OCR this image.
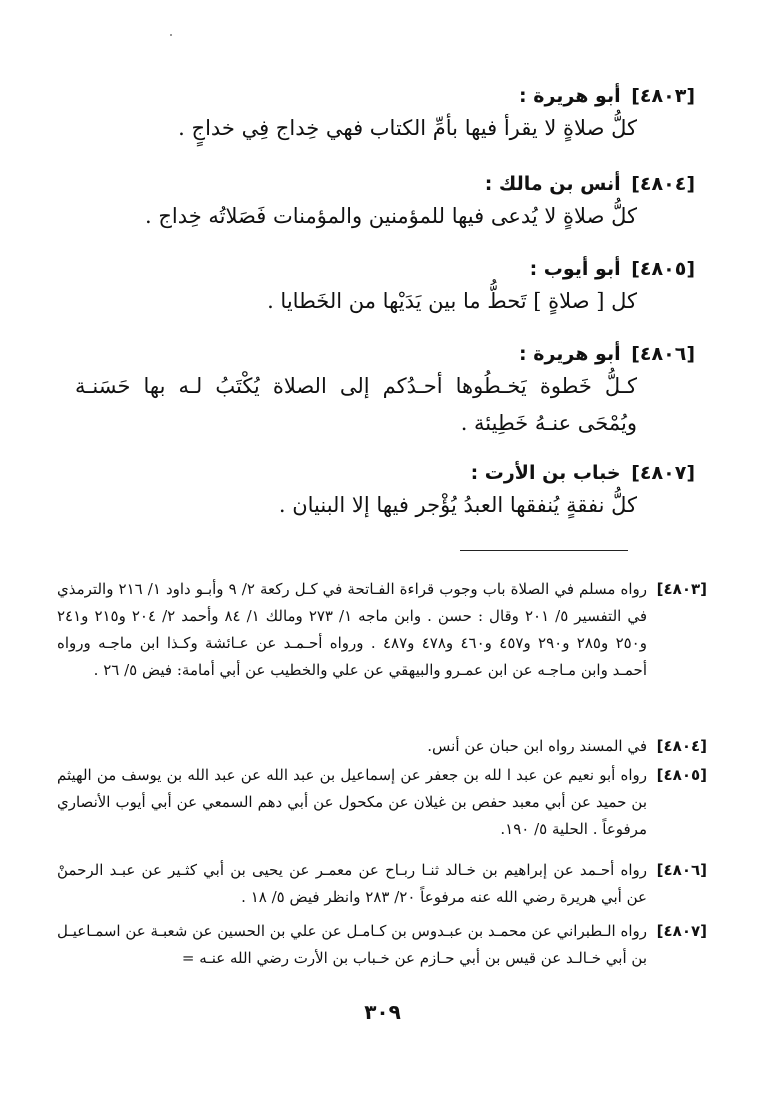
[٤٨٠٣] أبو هريرة :
كلُّ صلاةٍ لا يقرأ فيها بأمِّ الكتاب فهي خِداج فِي خداجٍ .
[٤٨٠٤] أنس بن مالك :
كلُّ صلاةٍ لا يُدعى فيها للمؤمنين والمؤمنات فَصَلاتُه خِداج .
[٤٨٠٥] أبو أيوب :
كل [ صلاةٍ ] تَحطُّ ما بين يَدَيْها من الخَطايا .
[٤٨٠٦] أبو هريرة :
كـلُّ خَطوة يَخـطُوها أحـدُكم إلى الصلاة يُكْتَبُ لـه بها حَسَنـة ويُمْحَى عنـهُ خَطِيئة .
[٤٨٠٧] خباب بن الأرت :
كلُّ نفقةٍ يُنفقها العبدُ يُؤْجر فيها إلا البنيان .
[٤٨٠٣]
رواه مسلم في الصلاة باب وجوب قراءة الفـاتحة في كـل ركعة ٢/ ٩ وأبـو داود ١/ ٢١٦ والترمذي في التفسير ٥/ ٢٠١ وقال : حسن . وابن ماجه ١/ ٢٧٣ ومالك ١/ ٨٤ وأحمد ٢/ ٢٠٤ و٢١٥ و٢٤١ و٢٥٠ و٢٨٥ و٢٩٠ و٤٥٧ و٤٦٠ و٤٧٨ و٤٨٧ . ورواه أحـمـد عن عـائشة وكـذا ابن ماجـه ورواه أحمـد وابن مـاجـه عن ابن عمـرو والبيهقي عن علي والخطيب عن أبي أمامة: فيض ٥/ ٢٦ .
[٤٨٠٤]
في المسند رواه ابن حبان عن أنس.
[٤٨٠٥]
رواه أبو نعيم عن عبد ا لله بن جعفر عن إسماعيل بن عبد الله عن عبد الله بن يوسف من الهيثم بن حميد عن أبي معبد حفص بن غيلان عن مكحول عن أبي دهم السمعي عن أبي أيوب الأنصاري مرفوعاً . الحلية ٥/ ١٩٠.
[٤٨٠٦]
رواه أحـمد عن إبراهيم بن خـالد ثنـا ربـاح عن معمـر عن يحيى بن أبي كثـير عن عبـد الرحمنْ عن أبي هريرة رضي الله عنه مرفوعاً ٢٠/ ٢٨٣ وانظر فيض ٥/ ١٨ .
[٤٨٠٧]
رواه الـطبراني عن محمـد بن عبـدوس بن كـامـل عن علي بن الحسين عن شعبـة عن اسمـاعيـل بن أبي خـالـد عن قيس بن أبي حـازم عن خـباب بن الأرت رضي الله عنـه =
٣٠٩
